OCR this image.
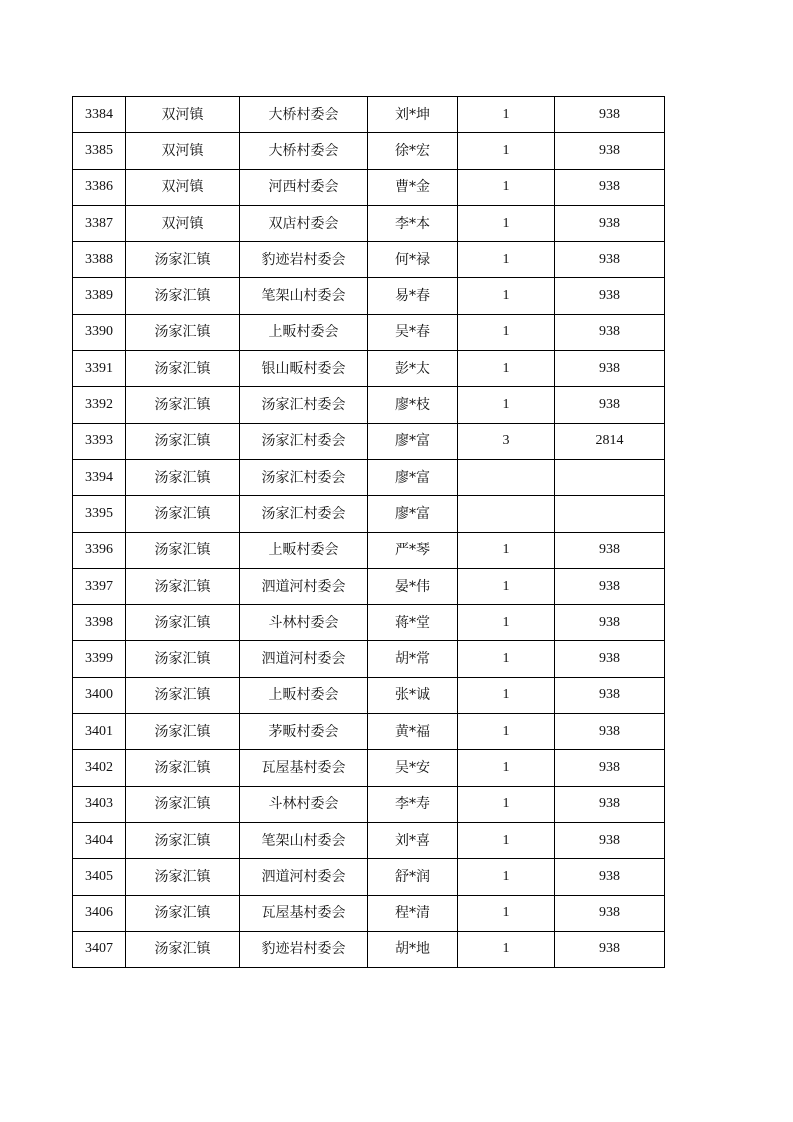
3384	双河镇	大桥村委会	刘*坤	1	938
3385	双河镇	大桥村委会	徐*宏	1	938
3386	双河镇	河西村委会	曹*金	1	938
3387	双河镇	双店村委会	李*本	1	938
3388	汤家汇镇	豹迹岩村委会	何*禄	1	938
3389	汤家汇镇	笔架山村委会	易*春	1	938
3390	汤家汇镇	上畈村委会	吴*春	1	938
3391	汤家汇镇	银山畈村委会	彭*太	1	938
3392	汤家汇镇	汤家汇村委会	廖*枝	1	938
3393	汤家汇镇	汤家汇村委会	廖*富	3	2814
3394	汤家汇镇	汤家汇村委会	廖*富		
3395	汤家汇镇	汤家汇村委会	廖*富		
3396	汤家汇镇	上畈村委会	严*琴	1	938
3397	汤家汇镇	泗道河村委会	晏*伟	1	938
3398	汤家汇镇	斗林村委会	蒋*堂	1	938
3399	汤家汇镇	泗道河村委会	胡*常	1	938
3400	汤家汇镇	上畈村委会	张*诚	1	938
3401	汤家汇镇	茅畈村委会	黄*福	1	938
3402	汤家汇镇	瓦屋基村委会	吴*安	1	938
3403	汤家汇镇	斗林村委会	李*寿	1	938
3404	汤家汇镇	笔架山村委会	刘*喜	1	938
3405	汤家汇镇	泗道河村委会	舒*润	1	938
3406	汤家汇镇	瓦屋基村委会	程*清	1	938
3407	汤家汇镇	豹迹岩村委会	胡*地	1	938
